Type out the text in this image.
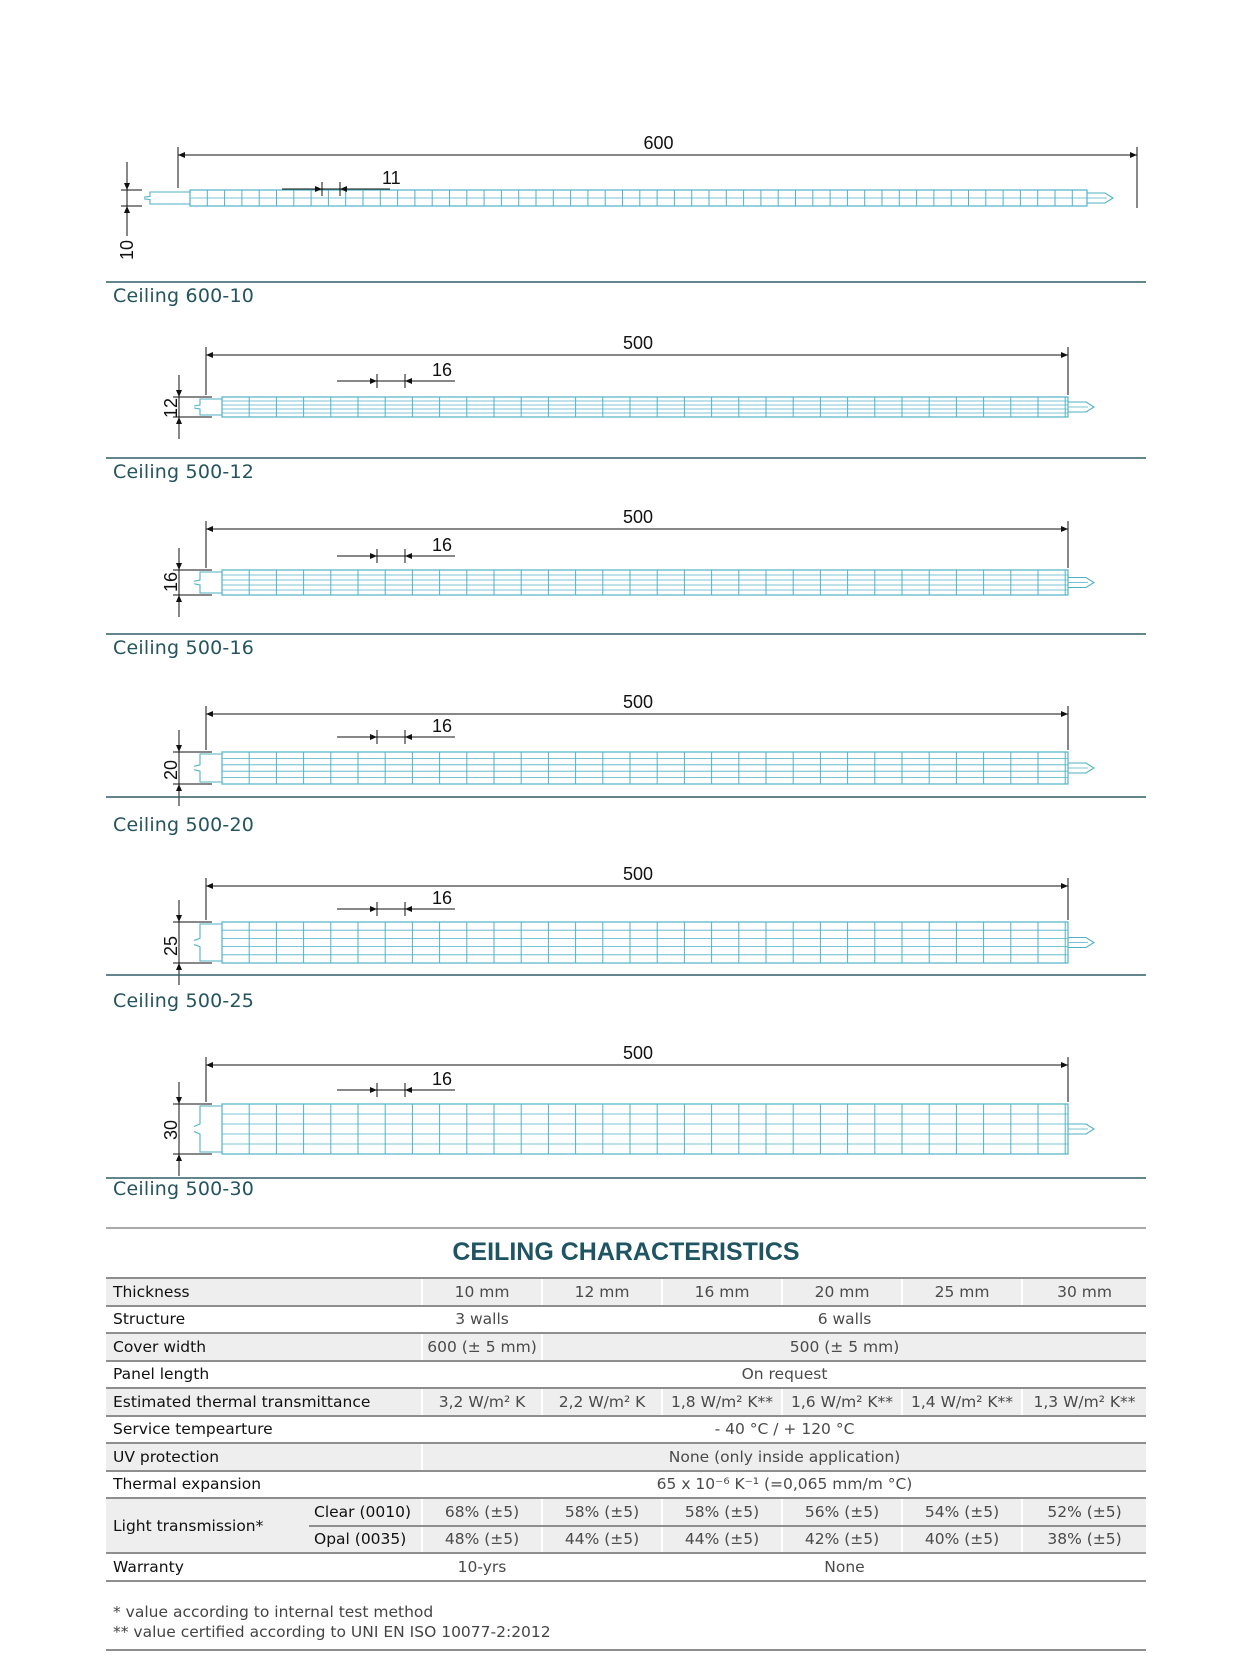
600
11
10
500
16
12
500
16
16
500
16
20
500
16
25
500
16
30
Ceiling 600-10
Ceiling 500-12
Ceiling 500-16
Ceiling 500-20
Ceiling 500-25
Ceiling 500-30
CEILING CHARACTERISTICS
Thickness		10 mm	12 mm	16 mm	20 mm	25 mm	30 mm
Structure		3 walls	6 walls				
Cover width		600 (± 5 mm)	500 (± 5 mm)				
Panel length		On request					
Estimated thermal transmittance		3,2 W/m² K	2,2 W/m² K	1,8 W/m² K**	1,6 W/m² K**	1,4 W/m² K**	1,3 W/m² K**
Service tempearture		- 40 °C / + 120 °C					
UV protection		None (only inside application)					
Thermal expansion		65 x 10⁻⁶ K⁻¹ (=0,065 mm/m °C)					
Light transmission*	Clear (0010)	68% (±5)	58% (±5)	58% (±5)	56% (±5)	54% (±5)	52% (±5)
	Opal (0035)	48% (±5)	44% (±5)	44% (±5)	42% (±5)	40% (±5)	38% (±5)
Warranty		10-yrs	None				
* value according to internal test method
** value certified according to UNI EN ISO 10077-2:2012
